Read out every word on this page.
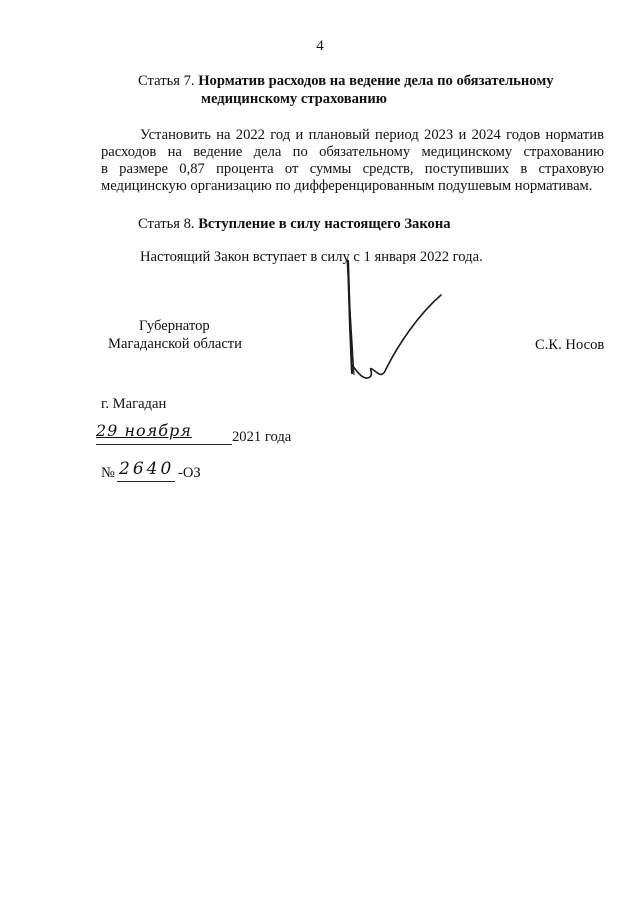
4
Статья 7. Норматив расходов на ведение дела по обязательному
медицинскому страхованию
Установить на 2022 год и плановый период 2023 и 2024 годов норматив
расходов на ведение дела по обязательному медицинскому страхованию
в размере 0,87 процента от суммы средств, поступивших в страховую
медицинскую организацию по дифференцированным подушевым нормативам.
Статья 8. Вступление в силу настоящего Закона
Настоящий Закон вступает в силу с 1 января 2022 года.
Губернатор
Магаданской области	С.К. Носов
г. Магадан
29 ноября	2021 года
№ 2640 -ОЗ
